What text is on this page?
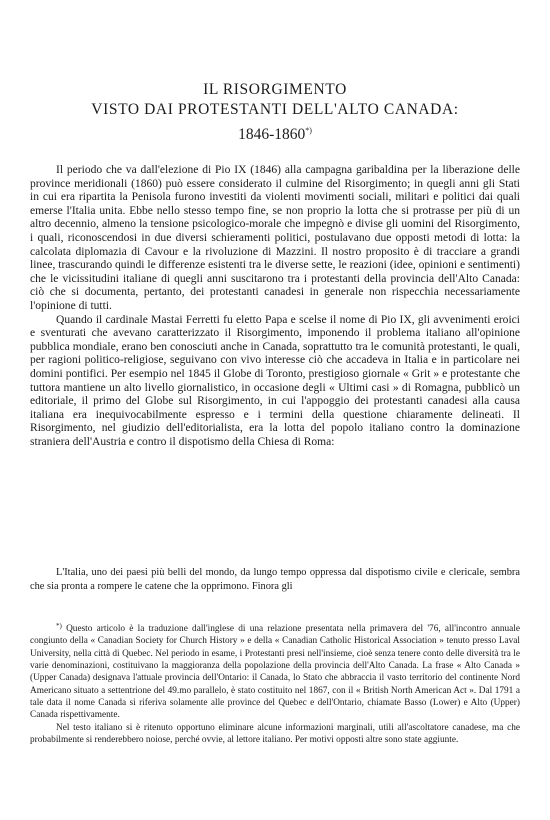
IL RISORGIMENTO
VISTO DAI PROTESTANTI DELL'ALTO CANADA:
1846-1860*)

Il periodo che va dall'elezione di Pio IX (1846) alla campagna garibaldina per la liberazione delle province meridionali (1860) può essere considerato il culmine del Risorgimento; in quegli anni gli Stati in cui era ripartita la Penisola furono investiti da violenti movimenti sociali, militari e politici dai quali emerse l'Italia unita. Ebbe nello stesso tempo fine, se non proprio la lotta che si protrasse per più di un altro decennio, almeno la tensione psicologico-morale che impegnò e divise gli uomini del Risorgimento, i quali, riconoscendosi in due diversi schieramenti politici, postulavano due opposti metodi di lotta: la calcolata diplomazia di Cavour e la rivoluzione di Mazzini. Il nostro proposito è di tracciare a grandi linee, trascurando quindi le differenze esistenti tra le diverse sette, le reazioni (idee, opinioni e sentimenti) che le vicissitudini italiane di quegli anni suscitarono tra i protestanti della provincia dell'Alto Canada: ciò che si documenta, pertanto, dei protestanti canadesi in generale non rispecchia necessariamente l'opinione di tutti.

Quando il cardinale Mastai Ferretti fu eletto Papa e scelse il nome di Pio IX, gli avvenimenti eroici e sventurati che avevano caratterizzato il Risorgimento, imponendo il problema italiano all'opinione pubblica mondiale, erano ben conosciuti anche in Canada, soprattutto tra le comunità protestanti, le quali, per ragioni politico-religiose, seguivano con vivo interesse ciò che accadeva in Italia e in particolare nei domini pontifici. Per esempio nel 1845 il Globe di Toronto, prestigioso giornale « Grit » e protestante che tuttora mantiene un alto livello giornalistico, in occasione degli « Ultimi casi » di Romagna, pubblicò un editoriale, il primo del Globe sul Risorgimento, in cui l'appoggio dei protestanti canadesi alla causa italiana era inequivocabilmente espresso e i termini della questione chiaramente delineati. Il Risorgimento, nel giudizio dell'editorialista, era la lotta del popolo italiano contro la dominazione straniera dell'Austria e contro il dispotismo della Chiesa di Roma:

L'Italia, uno dei paesi più belli del mondo, da lungo tempo oppressa dal dispotismo civile e clericale, sembra che sia pronta a rompere le catene che la opprimono. Finora gli

*) Questo articolo è la traduzione dall'inglese di una relazione presentata nella primavera del '76, all'incontro annuale congiunto della « Canadian Society for Church History » e della « Canadian Catholic Historical Association » tenuto presso Laval University, nella città di Quebec. Nel periodo in esame, i Protestanti presi nell'insieme, cioè senza tenere conto delle diversità tra le varie denominazioni, costituivano la maggioranza della popolazione della provincia dell'Alto Canada. La frase « Alto Canada » (Upper Canada) designava l'attuale provincia dell'Ontario: il Canada, lo Stato che abbraccia il vasto territorio del continente Nord Americano situato a settentrione del 49.mo parallelo, è stato costituito nel 1867, con il « British North American Act ». Dal 1791 a tale data il nome Canada si riferiva solamente alle province del Quebec e dell'Ontario, chiamate Basso (Lower) e Alto (Upper) Canada rispettivamente.

Nel testo italiano si è ritenuto opportuno eliminare alcune informazioni marginali, utili all'ascoltatore canadese, ma che probabilmente si renderebbero noiose, perché ovvie, al lettore italiano. Per motivi opposti altre sono state aggiunte.
